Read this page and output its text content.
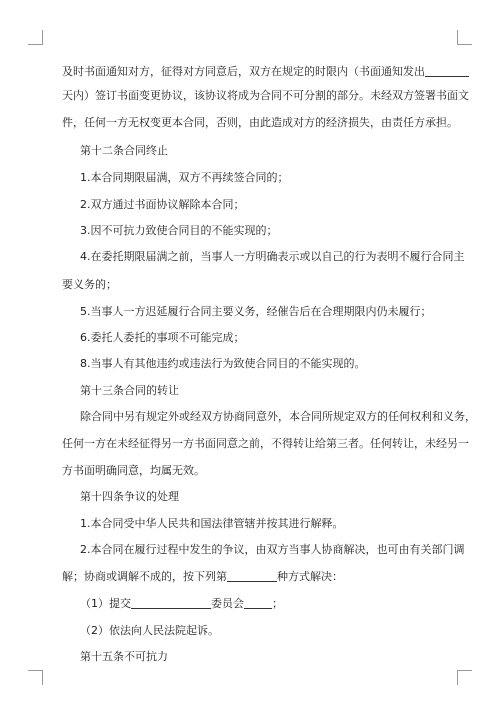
及时书面通知对方，征得对方同意后，双方在规定的时限内（书面通知发出
天内）签订书面变更协议，该协议将成为合同不可分割的部分。未经双方签署书面文
件，任何一方无权变更本合同，否则，由此造成对方的经济损失，由责任方承担。
第十二条合同终止
1.本合同期限届满，双方不再续签合同的；
2.双方通过书面协议解除本合同；
3.因不可抗力致使合同目的不能实现的；
4.在委托期限届满之前，当事人一方明确表示或以自己的行为表明不履行合同主
要义务的；
5.当事人一方迟延履行合同主要义务，经催告后在合理期限内仍未履行；
6.委托人委托的事项不可能完成；
8.当事人有其他违约或违法行为致使合同目的不能实现的。
第十三条合同的转让
除合同中另有规定外或经双方协商同意外，本合同所规定双方的任何权利和义务，
任何一方在未经征得另一方书面同意之前，不得转让给第三者。任何转让，未经另一
方书面明确同意，均属无效。
第十四条争议的处理
1.本合同受中华人民共和国法律管辖并按其进行解释。
2.本合同在履行过程中发生的争议，由双方当事人协商解决，也可由有关部门调
解；协商或调解不成的，按下列第	种方式解决：
（1）提交	委员会	；
（2）依法向人民法院起诉。
第十五条不可抗力
